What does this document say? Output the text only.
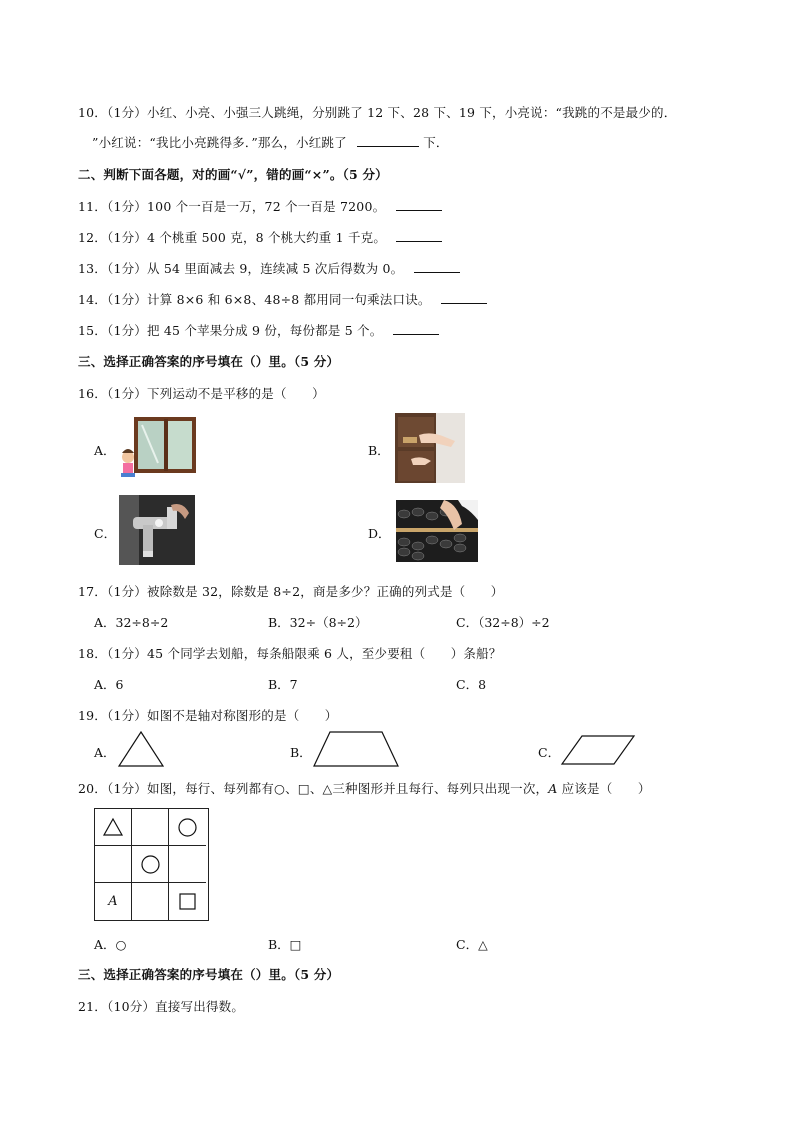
10．（1分）小红、小亮、小强三人跳绳，分别跳了 12 下、28 下、19 下，小亮说：“我跳的不是最少的．
”小红说：“我比小亮跳得多．”那么，小红跳了	下．
二、判断下面各题，对的画“√”，错的画“×”。（5 分）
11．（1分）100 个一百是一万，72 个一百是 7200。
12．（1分）4 个桃重 500 克，8 个桃大约重 1 千克。
13．（1分）从 54 里面减去 9，连续减 5 次后得数为 0。
14．（1分）计算 8×6 和 6×8、48÷8 都用同一句乘法口诀。
15．（1分）把 45 个苹果分成 9 份，每份都是 5 个。
三、选择正确答案的序号填在（）里。（5 分）
16．（1分）下列运动不是平移的是（　　）
A．	B．
C．	D．
17．（1分）被除数是 32，除数是 8÷2，商是多少？正确的列式是（　　）
A．32÷8÷2	B．32÷（8÷2）	C．（32÷8）÷2
18．（1分）45 个同学去划船，每条船限乘 6 人，至少要租（　　）条船？
A．6	B．7	C．8
19．（1分）如图不是轴对称图形的是（　　）
A．	B．	C．
20．（1分）如图，每行、每列都有○、□、△三种图形并且每行、每列只出现一次，A 应该是（　　）
A
A．○	B．□	C．△
三、选择正确答案的序号填在（）里。（5 分）
21．（10分）直接写出得数。
